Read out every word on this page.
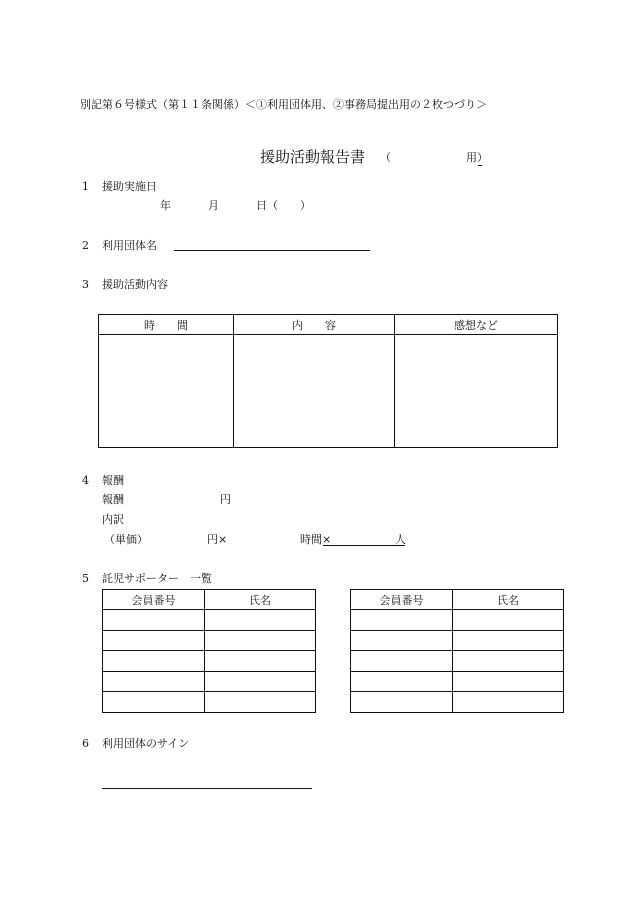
別記第６号様式（第１１条関係）＜①利用団体用、②事務局提出用の２枚つづり＞
援助活動報告書 （	用）
1 援助実施日
年	月	日（ ）
2 利用団体名
3 援助活動内容
時　　間	内　　容	感想など

4 報酬
報酬	円
内訳
（単価）	円×	時間×	人
5 託児サポーター　一覧
会員番号	氏名

		会員番号	氏名

6 利用団体のサイン
